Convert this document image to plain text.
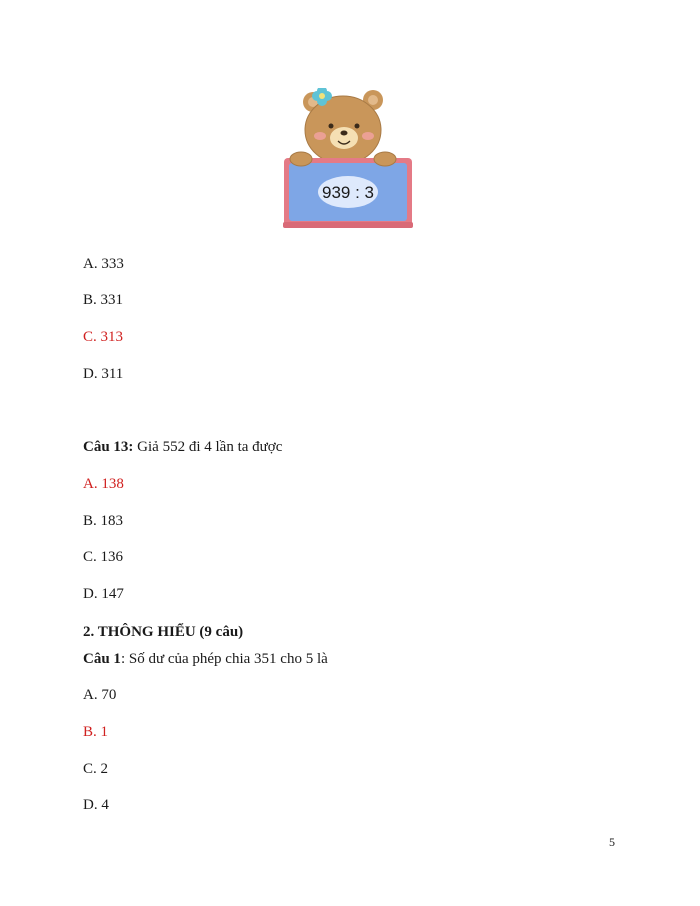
939 : 3
A. 333
B. 331
C. 313
D. 311
Câu 13: Giả 552 đi 4 lần ta được
A. 138
B. 183
C. 136
D. 147
2. THÔNG HIỂU (9 câu)
Câu 1: Số dư của phép chia 351 cho 5 là
A. 70
B. 1
C. 2
D. 4
5
